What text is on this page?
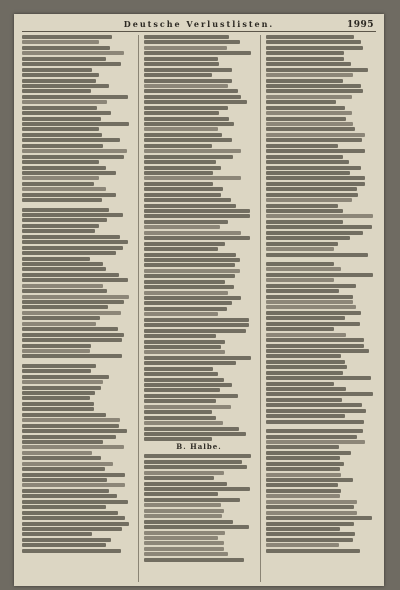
Deutsche Verlustlisten.	1995
B. Halbe.
